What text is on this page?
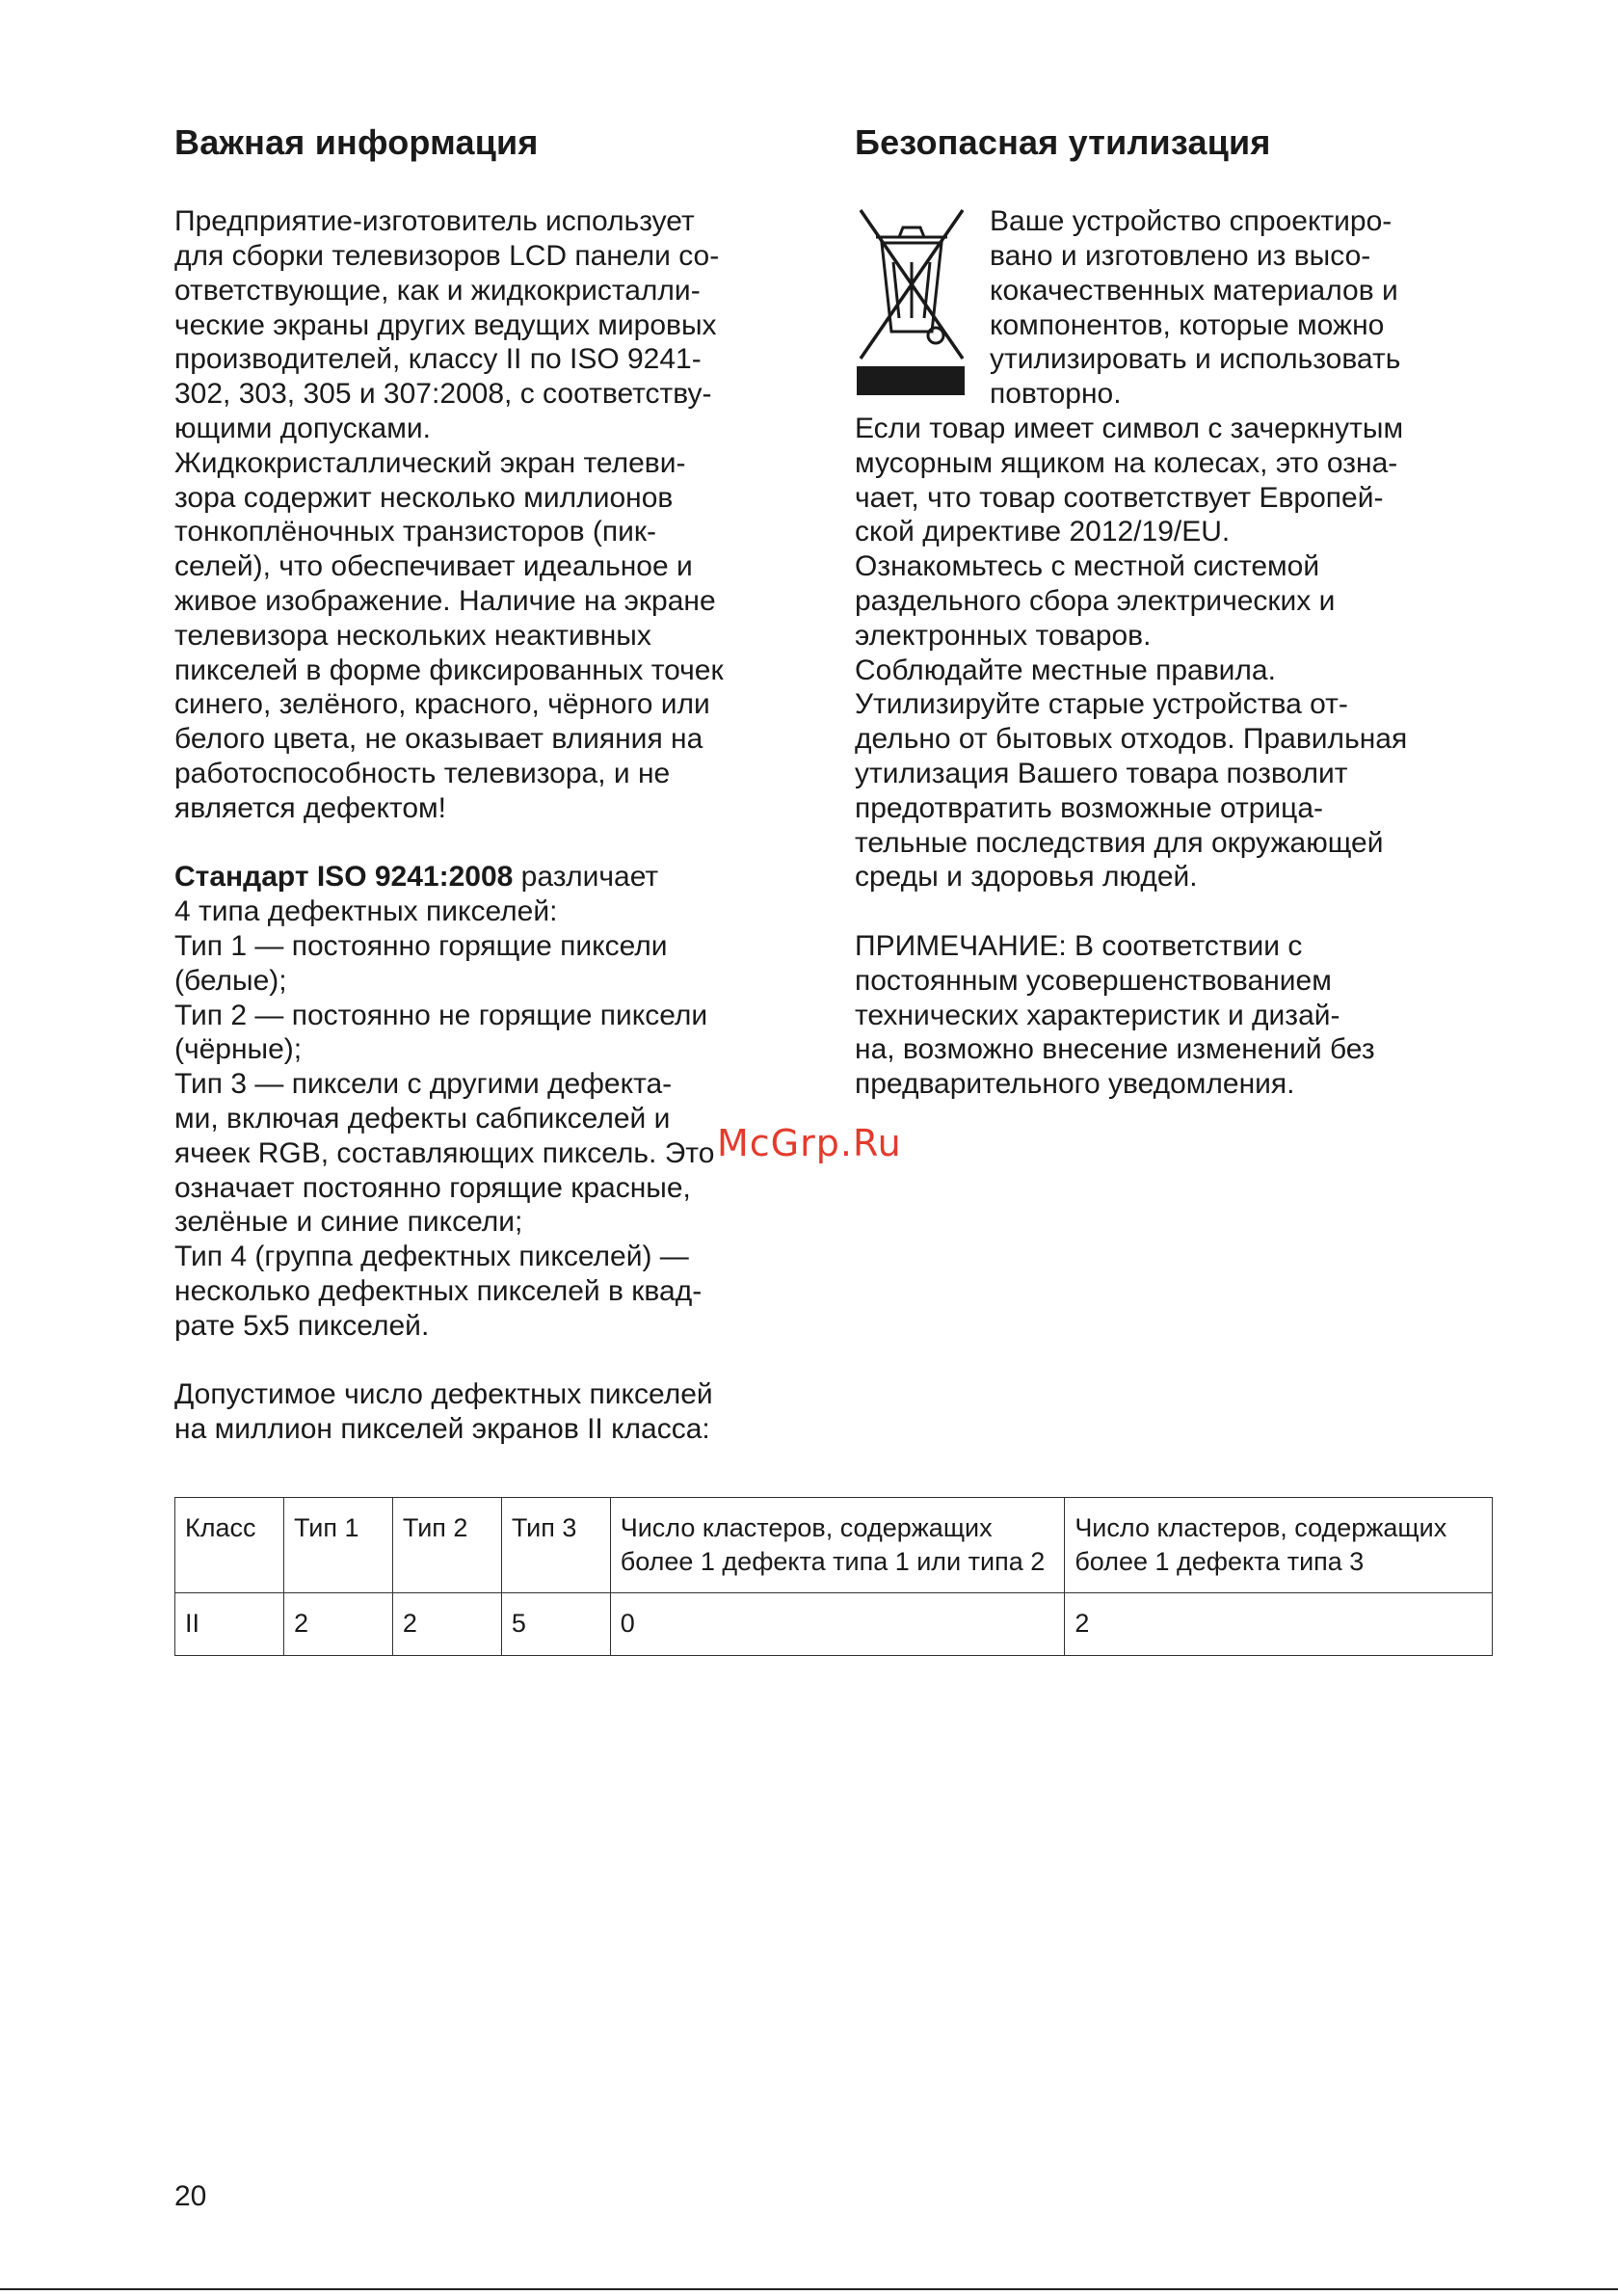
Важная информация
Предприятие-изготовитель использует
для сборки телевизоров LCD панели со-
ответствующие, как и жидкокристалли-
ческие экраны других ведущих мировых
производителей, классу II по ISO 9241-
302, 303, 305 и 307:2008, с соответству-
ющими допусками.
Жидкокристаллический экран телеви-
зора содержит несколько миллионов
тонкоплёночных транзисторов (пик-
селей), что обеспечивает идеальное и
живое изображение. Наличие на экране
телевизора нескольких неактивных
пикселей в форме фиксированных точек
синего, зелёного, красного, чёрного или
белого цвета, не оказывает влияния на
работоспособность телевизора, и не
является дефектом!
Стандарт ISO 9241:2008 различает
4 типа дефектных пикселей:
Тип 1 — постоянно горящие пиксели
(белые);
Тип 2 — постоянно не горящие пиксели
(чёрные);
Тип 3 — пиксели с другими дефекта-
ми, включая дефекты сабпикселей и
ячеек RGB, составляющих пиксель. Это
означает постоянно горящие красные,
зелёные и синие пиксели;
Тип 4 (группа дефектных пикселей) —
несколько дефектных пикселей в квад-
рате 5х5 пикселей.
Допустимое число дефектных пикселей
на миллион пикселей экранов II класса:
Безопасная утилизация
Ваше устройство спроектиро-
вано и изготовлено из высо-
кокачественных материалов и
компонентов, которые можно
утилизировать и использовать
повторно.
Если товар имеет символ с зачеркнутым
мусорным ящиком на колесах, это озна-
чает, что товар соответствует Европей-
ской директиве 2012/19/EU.
Ознакомьтесь с местной системой
раздельного сбора электрических и
электронных товаров.
Соблюдайте местные правила.
Утилизируйте старые устройства от-
дельно от бытовых отходов. Правильная
утилизация Вашего товара позволит
предотвратить возможные отрица-
тельные последствия для окружающей
среды и здоровья людей.
ПРИМЕЧАНИЕ: В соответствии с
постоянным усовершенствованием
технических характеристик и дизай-
на, возможно внесение изменений без
предварительного уведомления.
McGrp.Ru
Класс	Тип 1	Тип 2	Тип 3	Число кластеров, содержащих более 1 дефекта типа 1 или типа 2	Число кластеров, содержащих более 1 дефекта типа 3
II	2	2	5	0	2
20
